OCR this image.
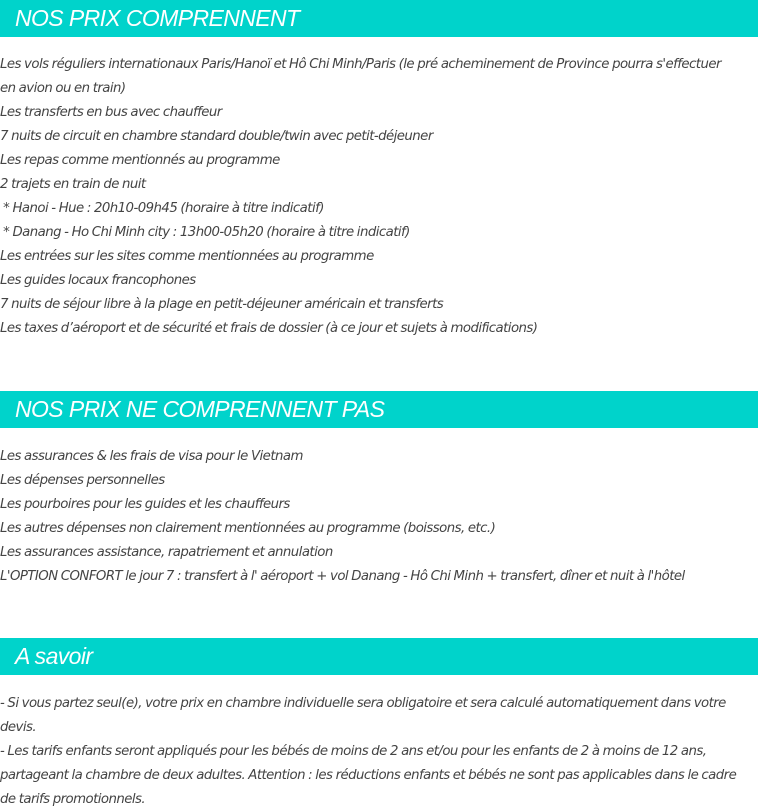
NOS PRIX COMPRENNENT

Les vols réguliers internationaux Paris/Hanoï et Hô Chi Minh/Paris (le pré acheminement de Province pourra s'effectuer

en avion ou en train)

Les transferts en bus avec chauffeur

7 nuits de circuit en chambre standard double/twin avec petit-déjeuner

Les repas comme mentionnés au programme

2 trajets en train de nuit

* Hanoi - Hue : 20h10-09h45 (horaire à titre indicatif)

* Danang - Ho Chi Minh city : 13h00-05h20 (horaire à titre indicatif)

Les entrées sur les sites comme mentionnées au programme

Les guides locaux francophones

7 nuits de séjour libre à la plage en petit-déjeuner américain et transferts

Les taxes d’aéroport et de sécurité et frais de dossier (à ce jour et sujets à modifications)

NOS PRIX NE COMPRENNENT PAS

Les assurances & les frais de visa pour le Vietnam

Les dépenses personnelles

Les pourboires pour les guides et les chauffeurs

Les autres dépenses non clairement mentionnées au programme (boissons, etc.)

Les assurances assistance, rapatriement et annulation

L'OPTION CONFORT le jour 7 : transfert à l' aéroport + vol Danang - Hô Chi Minh + transfert, dîner et nuit à l'hôtel

A savoir

- Si vous partez seul(e), votre prix en chambre individuelle sera obligatoire et sera calculé automatiquement dans votre

devis.

- Les tarifs enfants seront appliqués pour les bébés de moins de 2 ans et/ou pour les enfants de 2 à moins de 12 ans,

partageant la chambre de deux adultes. Attention : les réductions enfants et bébés ne sont pas applicables dans le cadre

de tarifs promotionnels.
